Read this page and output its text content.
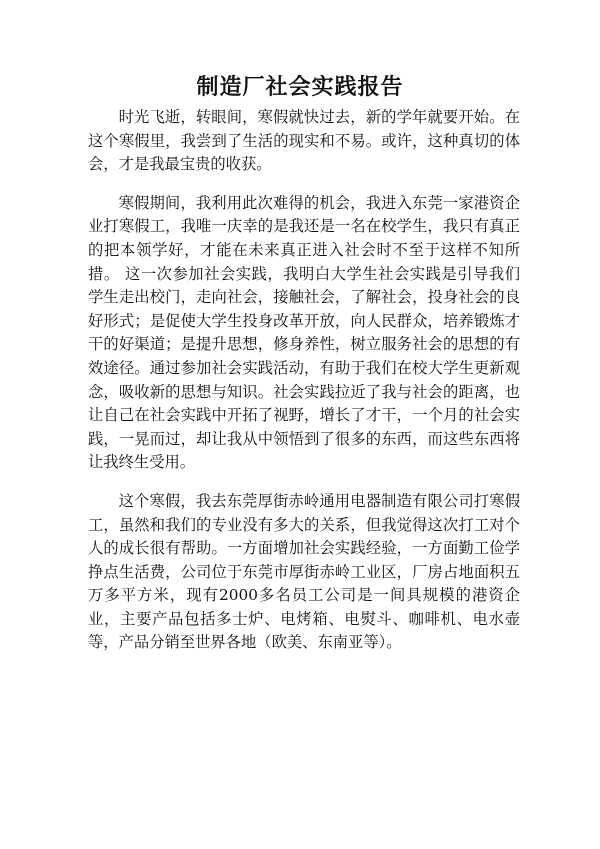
制造厂社会实践报告

时光飞逝，转眼间，寒假就快过去，新的学年就要开始。在这个寒假里，我尝到了生活的现实和不易。或许，这种真切的体会，才是我最宝贵的收获。

寒假期间，我利用此次难得的机会，我进入东莞一家港资企业打寒假工，我唯一庆幸的是我还是一名在校学生，我只有真正的把本领学好，才能在未来真正进入社会时不至于这样不知所措。 这一次参加社会实践，我明白大学生社会实践是引导我们学生走出校门，走向社会，接触社会，了解社会，投身社会的良好形式；是促使大学生投身改革开放，向人民群众，培养锻炼才干的好渠道；是提升思想，修身养性，树立服务社会的思想的有效途径。通过参加社会实践活动，有助于我们在校大学生更新观念，吸收新的思想与知识。社会实践拉近了我与社会的距离，也让自己在社会实践中开拓了视野，增长了才干，一个月的社会实践，一晃而过，却让我从中领悟到了很多的东西，而这些东西将让我终生受用。

这个寒假，我去东莞厚街赤岭通用电器制造有限公司打寒假工，虽然和我们的专业没有多大的关系，但我觉得这次打工对个人的成长很有帮助。一方面增加社会实践经验，一方面勤工俭学挣点生活费，公司位于东莞市厚街赤岭工业区，厂房占地面积五万多平方米，现有2000多名员工公司是一间具规模的港资企业，主要产品包括多士炉、电烤箱、电熨斗、咖啡机、电水壶等，产品分销至世界各地（欧美、东南亚等）。
